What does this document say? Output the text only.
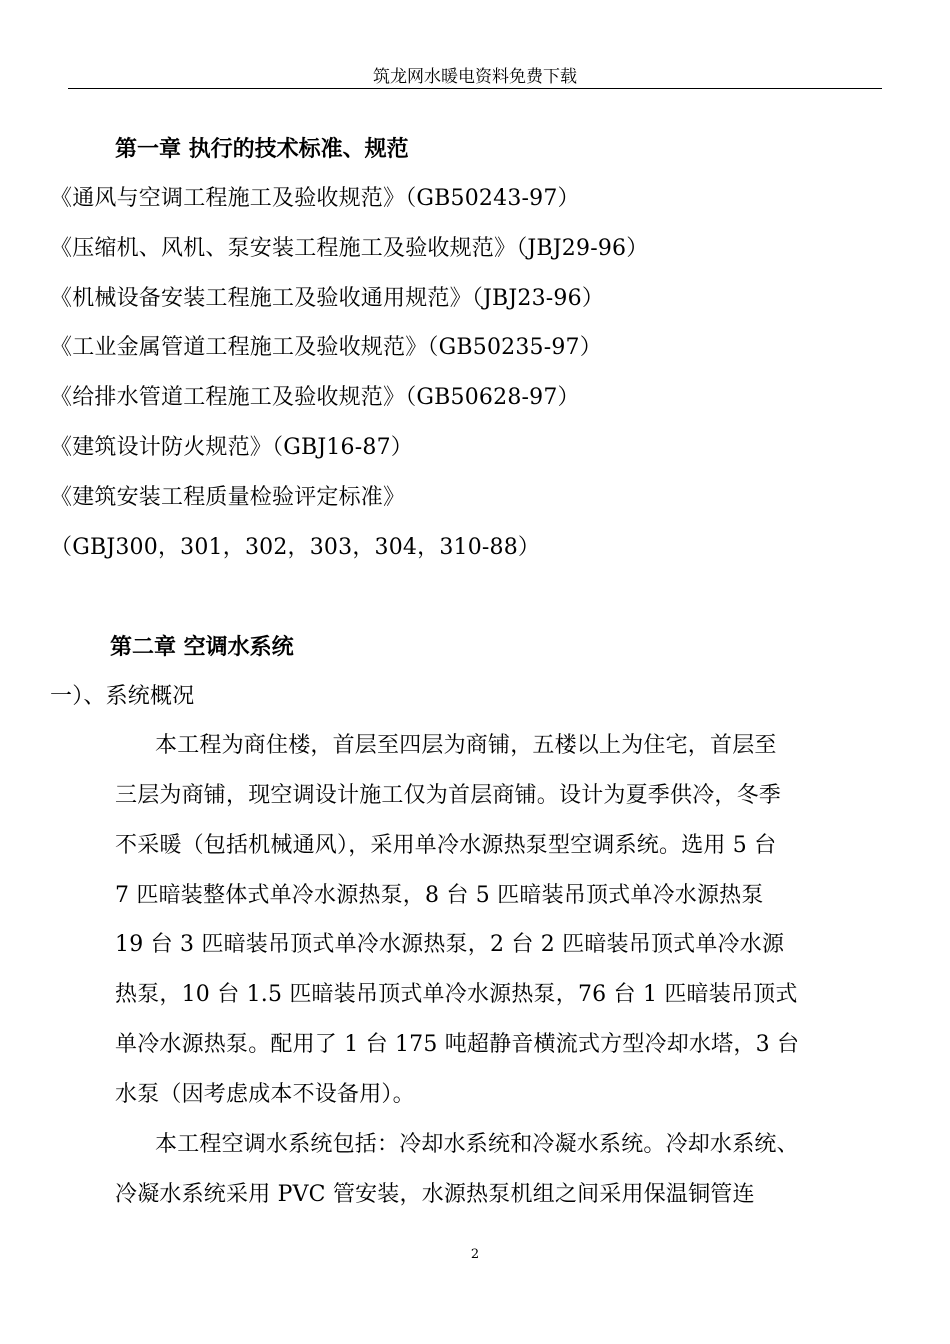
筑龙网水暖电资料免费下载
第一章 执行的技术标准、规范
《通风与空调工程施工及验收规范》（GB50243-97）
《压缩机、风机、泵安装工程施工及验收规范》（JBJ29-96）
《机械设备安装工程施工及验收通用规范》（JBJ23-96）
《工业金属管道工程施工及验收规范》（GB50235-97）
《给排水管道工程施工及验收规范》（GB50628-97）
《建筑设计防火规范》（GBJ16-87）
《建筑安装工程质量检验评定标准》
（GBJ300，301，302，303，304，310-88）
第二章 空调水系统
一）、系统概况
本工程为商住楼，首层至四层为商铺，五楼以上为住宅，首层至
三层为商铺，现空调设计施工仅为首层商铺。设计为夏季供冷，冬季
不采暖（包括机械通风），采用单冷水源热泵型空调系统。选用 5 台
7 匹暗装整体式单冷水源热泵，8 台 5 匹暗装吊顶式单冷水源热泵
19 台 3 匹暗装吊顶式单冷水源热泵，2 台 2 匹暗装吊顶式单冷水源
热泵，10 台 1.5 匹暗装吊顶式单冷水源热泵，76 台 1 匹暗装吊顶式
单冷水源热泵。配用了 1 台 175 吨超静音横流式方型冷却水塔，3 台
水泵（因考虑成本不设备用）。
本工程空调水系统包括：冷却水系统和冷凝水系统。冷却水系统、
冷凝水系统采用 PVC 管安装，水源热泵机组之间采用保温铜管连
2
